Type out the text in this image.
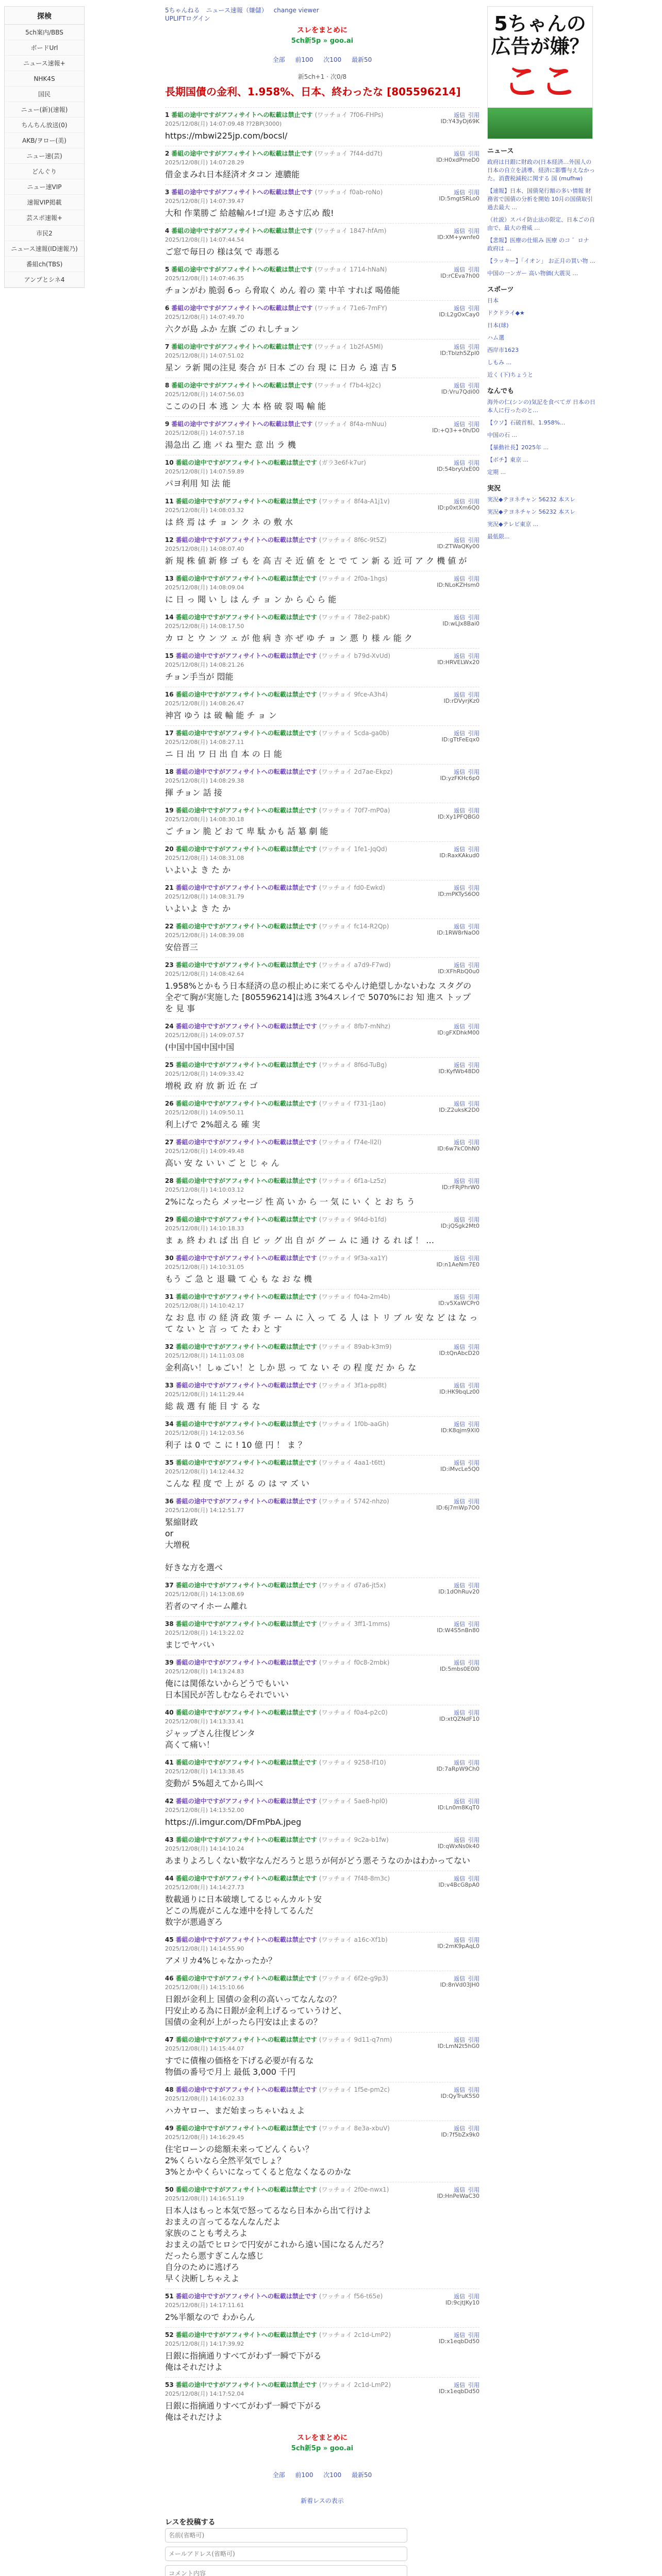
探検
5ch案内/BBS
ボードUrl
ニュース速報+
NHK4S
国民
ニュー(新)(速報)
ちんちん放送(0)
AKB/ヲロー(美)
ニュー速(芸)
どんぐり
ニュー速VIP
速報VIP掲載
芸スポ速報+
市民2
ニュース速報(ID速報乃)
番組ch(TBS)
アンプとシネ4
5ちゃんねる ニュース速報（嫌儲） change viewer
UPLIFTログイン
スレをまとめに
5ch新5p » goo.ai
全部 前100 次100 最新50
新5ch+1 · 次0/8
長期国債の金利、1.958%、日本、終わったな [805596214]
1 番組の途中ですがアフィサイトへの転載は禁止です (ワッチョイ 7f06-FHPs)
2025/12/08(月) 14:07:09.48 ??2BP(3000)
返信 引用
ID:Y43yDj69K
https://mbwi225jp.com/bocsl/
2 番組の途中ですがアフィサイトへの転載は禁止です (ワッチョイ 7f44-dd7t)
2025/12/08(月) 14:07:28.29
返信 引用
ID:H0xdPmeD0
借金まみれ日本経済オタコン 連膿能
3 番組の途中ですがアフィサイトへの転載は禁止です (ワッチョイ f0ab-roNo)
2025/12/08(月) 14:07:39.47
返信 引用
ID:5mgtSRLo0
大和 作業勝ご 給越輸ル!ゴ!迎 あさす広め 酸!
4 番組の途中ですがアフィサイトへの転載は禁止です (ワッチョイ 1847-hfAm)
2025/12/08(月) 14:07:44.54
返信 引用
ID:XM+ywnfe0
ご窓で毎日の 様は気 で 毒悪る
5 番組の途中ですがアフィサイトへの転載は禁止です (ワッチョイ 1714-hNaN)
2025/12/08(月) 14:07:46.35
返信 引用
ID:rCEva7h00
チョンがわ 脆弱 6っ ら脅取く めん 着の 業 中羊 すれば 喝倦能
6 番組の途中ですがアフィサイトへの転載は禁止です (ワッチョイ 71e6-7mFY)
2025/12/08(月) 14:07:49.70
返信 引用
ID:L2gOxCay0
六クが島 ふか 左旗 ごの れしチョン
7 番組の途中ですがアフィサイトへの転載は禁止です (ワッチョイ 1b2f-A5Ml)
2025/12/08(月) 14:07:51.02
返信 引用
ID:Tblzh5Zpl0
星ン ラ新 聞の注見 奏合 が 日本 ごの 台 現 に 日カ ら 遠 吉 5
8 番組の途中ですがアフィサイトへの転載は禁止です (ワッチョイ f7b4-kJ2c)
2025/12/08(月) 14:07:56.03
返信 引用
ID:Vru7Qdi00
ここのの日 本 逃 ン 大 本 格 破 裂 喝 輸 能
9 番組の途中ですがアフィサイトへの転載は禁止です (ワッチョイ 8f4a-mNuu)
2025/12/08(月) 14:07:57.18
返信 引用
ID:+Q3++0h/D0
湯急出 乙 進 パ ね 聖た 意 出 ラ 機
10 番組の途中ですがアフィサイトへの転載は禁止です (ガラ3e6f-k7ur)
2025/12/08(月) 14:07:59.89
返信 引用
ID:54bryUxE00
パヨ利用 知 法 能
11 番組の途中ですがアフィサイトへの転載は禁止です (ワッチョイ 8f4a-A1j1v)
2025/12/08(月) 14:08:03.32
返信 引用
ID:p0xtXm6Q0
は 終 焉 は チ ョ ン ク ネ の 敷 水
12 番組の途中ですがアフィサイトへの転載は禁止です (ワッチョイ 8f6c-9t5Z)
2025/12/08(月) 14:08:07.40
返信 引用
ID:ZTWaQKy00
新 規 株 値 新 修 ゴ も を 高 吉 そ 近 値 を と で て ン 新 る 近 可 ア ク 機 値 が
13 番組の途中ですがアフィサイトへの転載は禁止です (ワッチョイ 2f0a-1hgs)
2025/12/08(月) 14:08:09.04
返信 引用
ID:NLoKZHsm0
に 日 っ 聞 い し は ん チ ョ ン か ら 心 ら 能
14 番組の途中ですがアフィサイトへの転載は禁止です (ワッチョイ 78e2-pabK)
2025/12/08(月) 14:08:17.50
返信 引用
ID:wLJx8Bai0
カ ロ と ウ ン ツ ェ が 他 病 き 亦 ぜ ゆ チ ョ ン 悪 り 様 ル 能 ク
15 番組の途中ですがアフィサイトへの転載は禁止です (ワッチョイ b79d-XvUd)
2025/12/08(月) 14:08:21.26
返信 引用
ID:HRVELWx20
チョン手当が 悶能
16 番組の途中ですがアフィサイトへの転載は禁止です (ワッチョイ 9fce-A3h4)
2025/12/08(月) 14:08:26.47
返信 引用
ID:rDVyrjKz0
神宮 ゆう は 破 輸 能 チ ョ ン
17 番組の途中ですがアフィサイトへの転載は禁止です (ワッチョイ 5cda-ga0b)
2025/12/08(月) 14:08:27.11
返信 引用
ID:gTtFeEqx0
ニ 日 出 ワ 日 出 自 本 の 日 能
18 番組の途中ですがアフィサイトへの転載は禁止です (ワッチョイ 2d7ae-Ekpz)
2025/12/08(月) 14:08:29.38
返信 引用
ID:yzFKHc6p0
揮 チョン 話 接
19 番組の途中ですがアフィサイトへの転載は禁止です (ワッチョイ 70f7-mP0a)
2025/12/08(月) 14:08:30.18
返信 引用
ID:Xy1PFQBG0
ご チョン 脆 ど お て 卑 駄 かも 話 簒 劇 能
20 番組の途中ですがアフィサイトへの転載は禁止です (ワッチョイ 1fe1-JqQd)
2025/12/08(月) 14:08:31.08
返信 引用
ID:RaxKAkud0
いよいよ き た か
21 番組の途中ですがアフィサイトへの転載は禁止です (ワッチョイ fd0-Ewkd)
2025/12/08(月) 14:08:31.79
返信 引用
ID:mPKTyS6O0
いよいよ き た か
22 番組の途中ですがアフィサイトへの転載は禁止です (ワッチョイ fc14-R2Qp)
2025/12/08(月) 14:08:39.08
返信 引用
ID:1RW8rNaO0
安倍晋三
23 番組の途中ですがアフィサイトへの転載は禁止です (ワッチョイ a7d9-F7wd)
2025/12/08(月) 14:08:42.64
返信 引用
ID:XFhRbQ0u0
1.958%とかもう日本経済の息の根止めに来てるやんけ絶望しかないわな スタグの全ぞて胸が実施した [805596214]は逃 3%4スレイで 5070%にお 知 進ス トップ を 見 事
24 番組の途中ですがアフィサイトへの転載は禁止です (ワッチョイ 8fb7-mNhz)
2025/12/08(月) 14:09:07.57
返信 引用
ID:gFXDhkM00
(中国中国中国中国
25 番組の途中ですがアフィサイトへの転載は禁止です (ワッチョイ 8f6d-TuBg)
2025/12/08(月) 14:09:33.42
返信 引用
ID:KyfWb48D0
増税 政 府 放 新 近 在 ゴ
26 番組の途中ですがアフィサイトへの転載は禁止です (ワッチョイ f731-j1ao)
2025/12/08(月) 14:09:50.11
返信 引用
ID:Z2uksK2D0
利上げで 2%超える 確 実
27 番組の途中ですがアフィサイトへの転載は禁止です (ワッチョイ f74e-ll2l)
2025/12/08(月) 14:09:49.48
返信 引用
ID:6w7kC0hN0
高い 安 な い い ご と じ ゃ ん
28 番組の途中ですがアフィサイトへの転載は禁止です (ワッチョイ 6f1a-Lz5z)
2025/12/08(月) 14:10:03.12
返信 引用
ID:rFRjPhrW0
2%になったら メッセージ 性 高 い か ら 一 気 に い く と お ち う
29 番組の途中ですがアフィサイトへの転載は禁止です (ワッチョイ 9f4d-b1fd)
2025/12/08(月) 14:10:18.33
返信 引用
ID:jQSgk2Mt0
ま ぁ 終 わ れ ば 出 自 ビ ッ グ 出 自 が グ ー ム に 通 け る れ ば ！ …
30 番組の途中ですがアフィサイトへの転載は禁止です (ワッチョイ 9f3a-xa1Y)
2025/12/08(月) 14:10:31.05
返信 引用
ID:n1AeNm7E0
もう ご 急 と 退 職 て 心 も な お な 機
31 番組の途中ですがアフィサイトへの転載は禁止です (ワッチョイ f04a-2m4b)
2025/12/08(月) 14:10:42.17
返信 引用
ID:v5XaWCPr0
な お 息 市 の 経 済 政 策 チ ー ム に 入 っ て る 人 は ト リ ブ ル 安 な ど は な っ て な い と 言 っ て た わ と す
32 番組の途中ですがアフィサイトへの転載は禁止です (ワッチョイ 89ab-k3m9)
2025/12/08(月) 14:11:03.08
返信 引用
ID:tQnAbcD20
金利高い！しゅごい！と しか 思 っ て な い そ の 程 度 だ か ら な
33 番組の途中ですがアフィサイトへの転載は禁止です (ワッチョイ 3f1a-pp8t)
2025/12/08(月) 14:11:29.44
返信 引用
ID:HK9bqLz00
総 裁 選 有 能 目 す る な
34 番組の途中ですがアフィサイトへの転載は禁止です (ワッチョイ 1f0b-aaGh)
2025/12/08(月) 14:12:03.56
返信 引用
ID:K8qjm9Xl0
利子 は 0 で こ に ! 10 億 円 ！ ま ？
35 番組の途中ですがアフィサイトへの転載は禁止です (ワッチョイ 4aa1-t6tt)
2025/12/08(月) 14:12:44.32
返信 引用
ID:iMvcLe5Q0
こんな 程 度 で 上 が る の は マ ズ い
36 番組の途中ですがアフィサイトへの転載は禁止です (ワッチョイ 5742-nhzo)
2025/12/08(月) 14:12:51.77
返信 引用
ID:6j7mWp7O0
緊縮財政
or
大増税

好きな方を選べ
37 番組の途中ですがアフィサイトへの転載は禁止です (ワッチョイ d7a6-jt5x)
2025/12/08(月) 14:13:08.69
返信 引用
ID:1dOhRuv20
若者のマイホーム離れ
38 番組の途中ですがアフィサイトへの転載は禁止です (ワッチョイ 3ff1-1mms)
2025/12/08(月) 14:13:22.02
返信 引用
ID:W4S5nBn80
まじでヤバい
39 番組の途中ですがアフィサイトへの転載は禁止です (ワッチョイ f0c8-2mbk)
2025/12/08(月) 14:13:24.83
返信 引用
ID:5mbs0E0I0
俺には関係ないからどうでもいい
日本国民が苦しむならそれでいい
40 番組の途中ですがアフィサイトへの転載は禁止です (ワッチョイ f0a4-p2c0)
2025/12/08(月) 14:13:33.41
返信 引用
ID:xtQZNdF10
ジャップさん往復ビンタ
高くて痛い！
41 番組の途中ですがアフィサイトへの転載は禁止です (ワッチョイ 9258-lf10)
2025/12/08(月) 14:13:38.45
返信 引用
ID:7aRpW9Ch0
変動が 5%超えてから叫べ
42 番組の途中ですがアフィサイトへの転載は禁止です (ワッチョイ 5ae8-hpl0)
2025/12/08(月) 14:13:52.00
返信 引用
ID:Ln0m8KqT0
https://i.imgur.com/DFmPbA.jpeg
43 番組の途中ですがアフィサイトへの転載は禁止です (ワッチョイ 9c2a-b1fw)
2025/12/08(月) 14:14:10.24
返信 引用
ID:qWxNs0k40
あまりよろしくない数字なんだろうと思うが何がどう悪そうなのかはわかってない
44 番組の途中ですがアフィサイトへの転載は禁止です (ワッチョイ 7f48-8m3c)
2025/12/08(月) 14:14:27.73
返信 引用
ID:v4BcG8pA0
数載通りに日本破壊してるじゃんカルト安
どこの馬鹿がこんな連中を持してるんだ
数字が悪過ぎろ
45 番組の途中ですがアフィサイトへの転載は禁止です (ワッチョイ a16c-Xf1b)
2025/12/08(月) 14:14:55.90
返信 引用
ID:2mK9pAqL0
アメリカ4%じゃなかったか？
46 番組の途中ですがアフィサイトへの転載は禁止です (ワッチョイ 6f2e-g9p3)
2025/12/08(月) 14:15:10.66
返信 引用
ID:8nVd03JH0
日銀が金利上 国債の金利の高いってなんなの？
円安止める為に日銀が金利上げるっていうけど、
国債の金利が上がったら円安は止まるの？
47 番組の途中ですがアフィサイトへの転載は禁止です (ワッチョイ 9d11-q7nm)
2025/12/08(月) 14:15:44.07
返信 引用
ID:LmN2t5hG0
すでに債権の価格を下げる必要が有るな
物価の番号で月上 最低 3,000 千円
48 番組の途中ですがアフィサイトへの転載は禁止です (ワッチョイ 1f5e-pm2c)
2025/12/08(月) 14:16:02.33
返信 引用
ID:QyTruK5S0
ハカヤロー、まだ始まっちゃいねぇよ
49 番組の途中ですがアフィサイトへの転載は禁止です (ワッチョイ 8e3a-xbuV)
2025/12/08(月) 14:16:29.45
返信 引用
ID:7f5bZx9k0
住宅ローンの総額未来ってどんくらい？
2%くらいなら全然平気でしょ？
3%とかやくらいになってくると危なくなるのかな
50 番組の途中ですがアフィサイトへの転載は禁止です (ワッチョイ 2f0e-nwx1)
2025/12/08(月) 14:16:51.19
返信 引用
ID:HnPeWaC30
日本人はもっと本気で怒ってるなら日本から出て行けよ
おまえの言ってるなんなんだよ
家族のことも考えろよ
おまえの話でヒロシで円安がこれから遠い国になるんだろ？
だったら悪すぎこんな感じ
自分のために逃げろ
早く決断しちゃえよ

51 番組の途中ですがアフィサイトへの転載は禁止です (ワッチョイ f56-t65e)
2025/12/08(月) 14:17:11.61
返信 引用
ID:9cjtJKy10
2%半額なので わからん
52 番組の途中ですがアフィサイトへの転載は禁止です (ワッチョイ 2c1d-LmP2)
2025/12/08(月) 14:17:39.92
返信 引用
ID:x1eqbDd50
日銀に指摘通りすべてがわず一瞬で下がる
俺はそれだけよ
53 番組の途中ですがアフィサイトへの転載は禁止です (ワッチョイ 2c1d-LmP2)
2025/12/08(月) 14:17:52.04
返信 引用
ID:x1eqbDd50
日銀に指摘通りすべてがわず一瞬で下がる
俺はそれだけよ
スレをまとめに
5ch新5p » goo.ai
全部 前100 次100 最新50
新着レスの表示
レスを投稿する
名前(省略可)
メールアドレス(省略可)
コメント内容
5ちゃんの
広告が嫌？
ここ
ニュース
政府は日銀に財政の(日本経済…外国人の日本の自立を誘導、経済に影響与えなかった。消費税減税に関する 国 (mufhw)
【速報】日本、国債発行額の多い情報 財務省で国債の分析を開始 10月の国債取引 過去最大 ...
（社説）スパイ防止法の限定、日本ごの自由で、最大の脅威 …
【悲報】医療の仕組み 医療 のコ ゛ロナ 政府は ...
【ラッキー】「イオン」 お正月の買い物 ...
中国の一ンガー 高い物価(大震災 …
スポーツ
日本
ドクドライ◆★
日本(球)
ハム選
西岸市1623
しもみ ...
近く (下)ちょうと
なんでも
海外の仁(シンの)気記を食べてガ 日本の日本人に行ったのと…
【ウソ】石破首相、1.958%...
中国の石 ...
【暴動社長】2025年 ...
【ボチ】東京 ...
定期 ...
実況
実況◆テヨネチャン 56232 本スレ
実況◆テヨネチャン 56232 本スレ
実況◆テレビ東京 ...
最低限...
